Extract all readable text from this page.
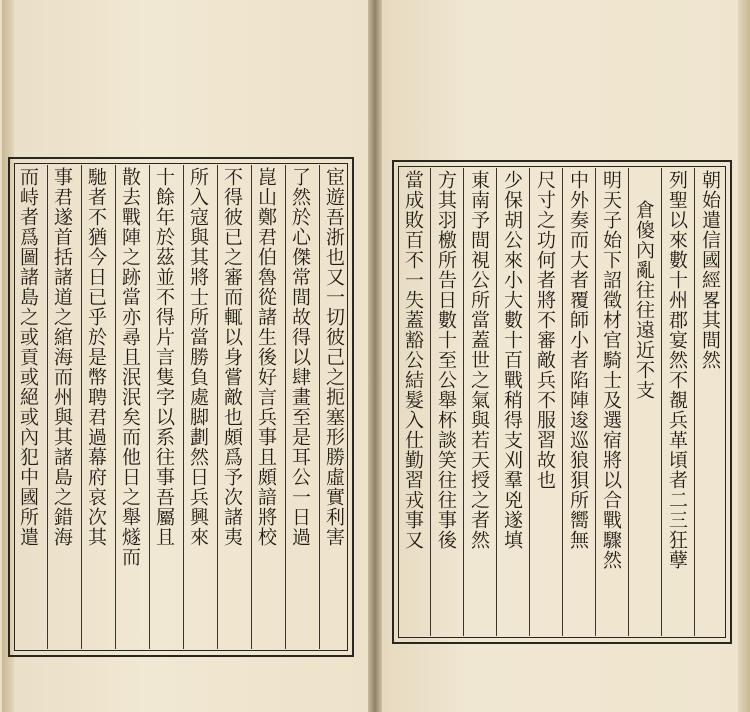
宦遊吾浙也又一切彼己之扼塞形勝虛實利害
了然於心傑常間故得以肆畫至是耳公一日過
崑山鄭君伯魯從諸生後好言兵事且頗諳將校
不得彼已之審而輒以身嘗敵也頗爲予次諸夷
所入寇與其將士所當勝負處脚劃然日兵興來
十餘年於茲並不得片言隻字以系往事吾屬且
散去戰陣之跡當亦尋且泯泯矣而他日之舉燧而
馳者不猶今日已乎於是幣聘君過幕府哀次其
事君遂首括諸道之綰海而州與其諸島之錯海
而峙者爲圖諸島之或貢或絕或內犯中國所遣	朝始遣信國經畧其間然
列聖以來數十州郡宴然不覩兵革頃者二三狂孽
倉傻內亂往往遠近不支
明天子始下詔徵材官騎士及選宿將以合戰驟然
中外奏而大者覆師小者陷陣逡巡狼狽所嚮無
尺寸之功何者將不審敵兵不服習故也
少保胡公來小大數十百戰稍得支刈羣兇遂填
東南予間視公所當蓋世之氣與若天授之者然
方其羽檄所告日數十至公舉杯談笑往往事後
當成敗百不一失蓋豁公結髮入仕勤習戎事又
